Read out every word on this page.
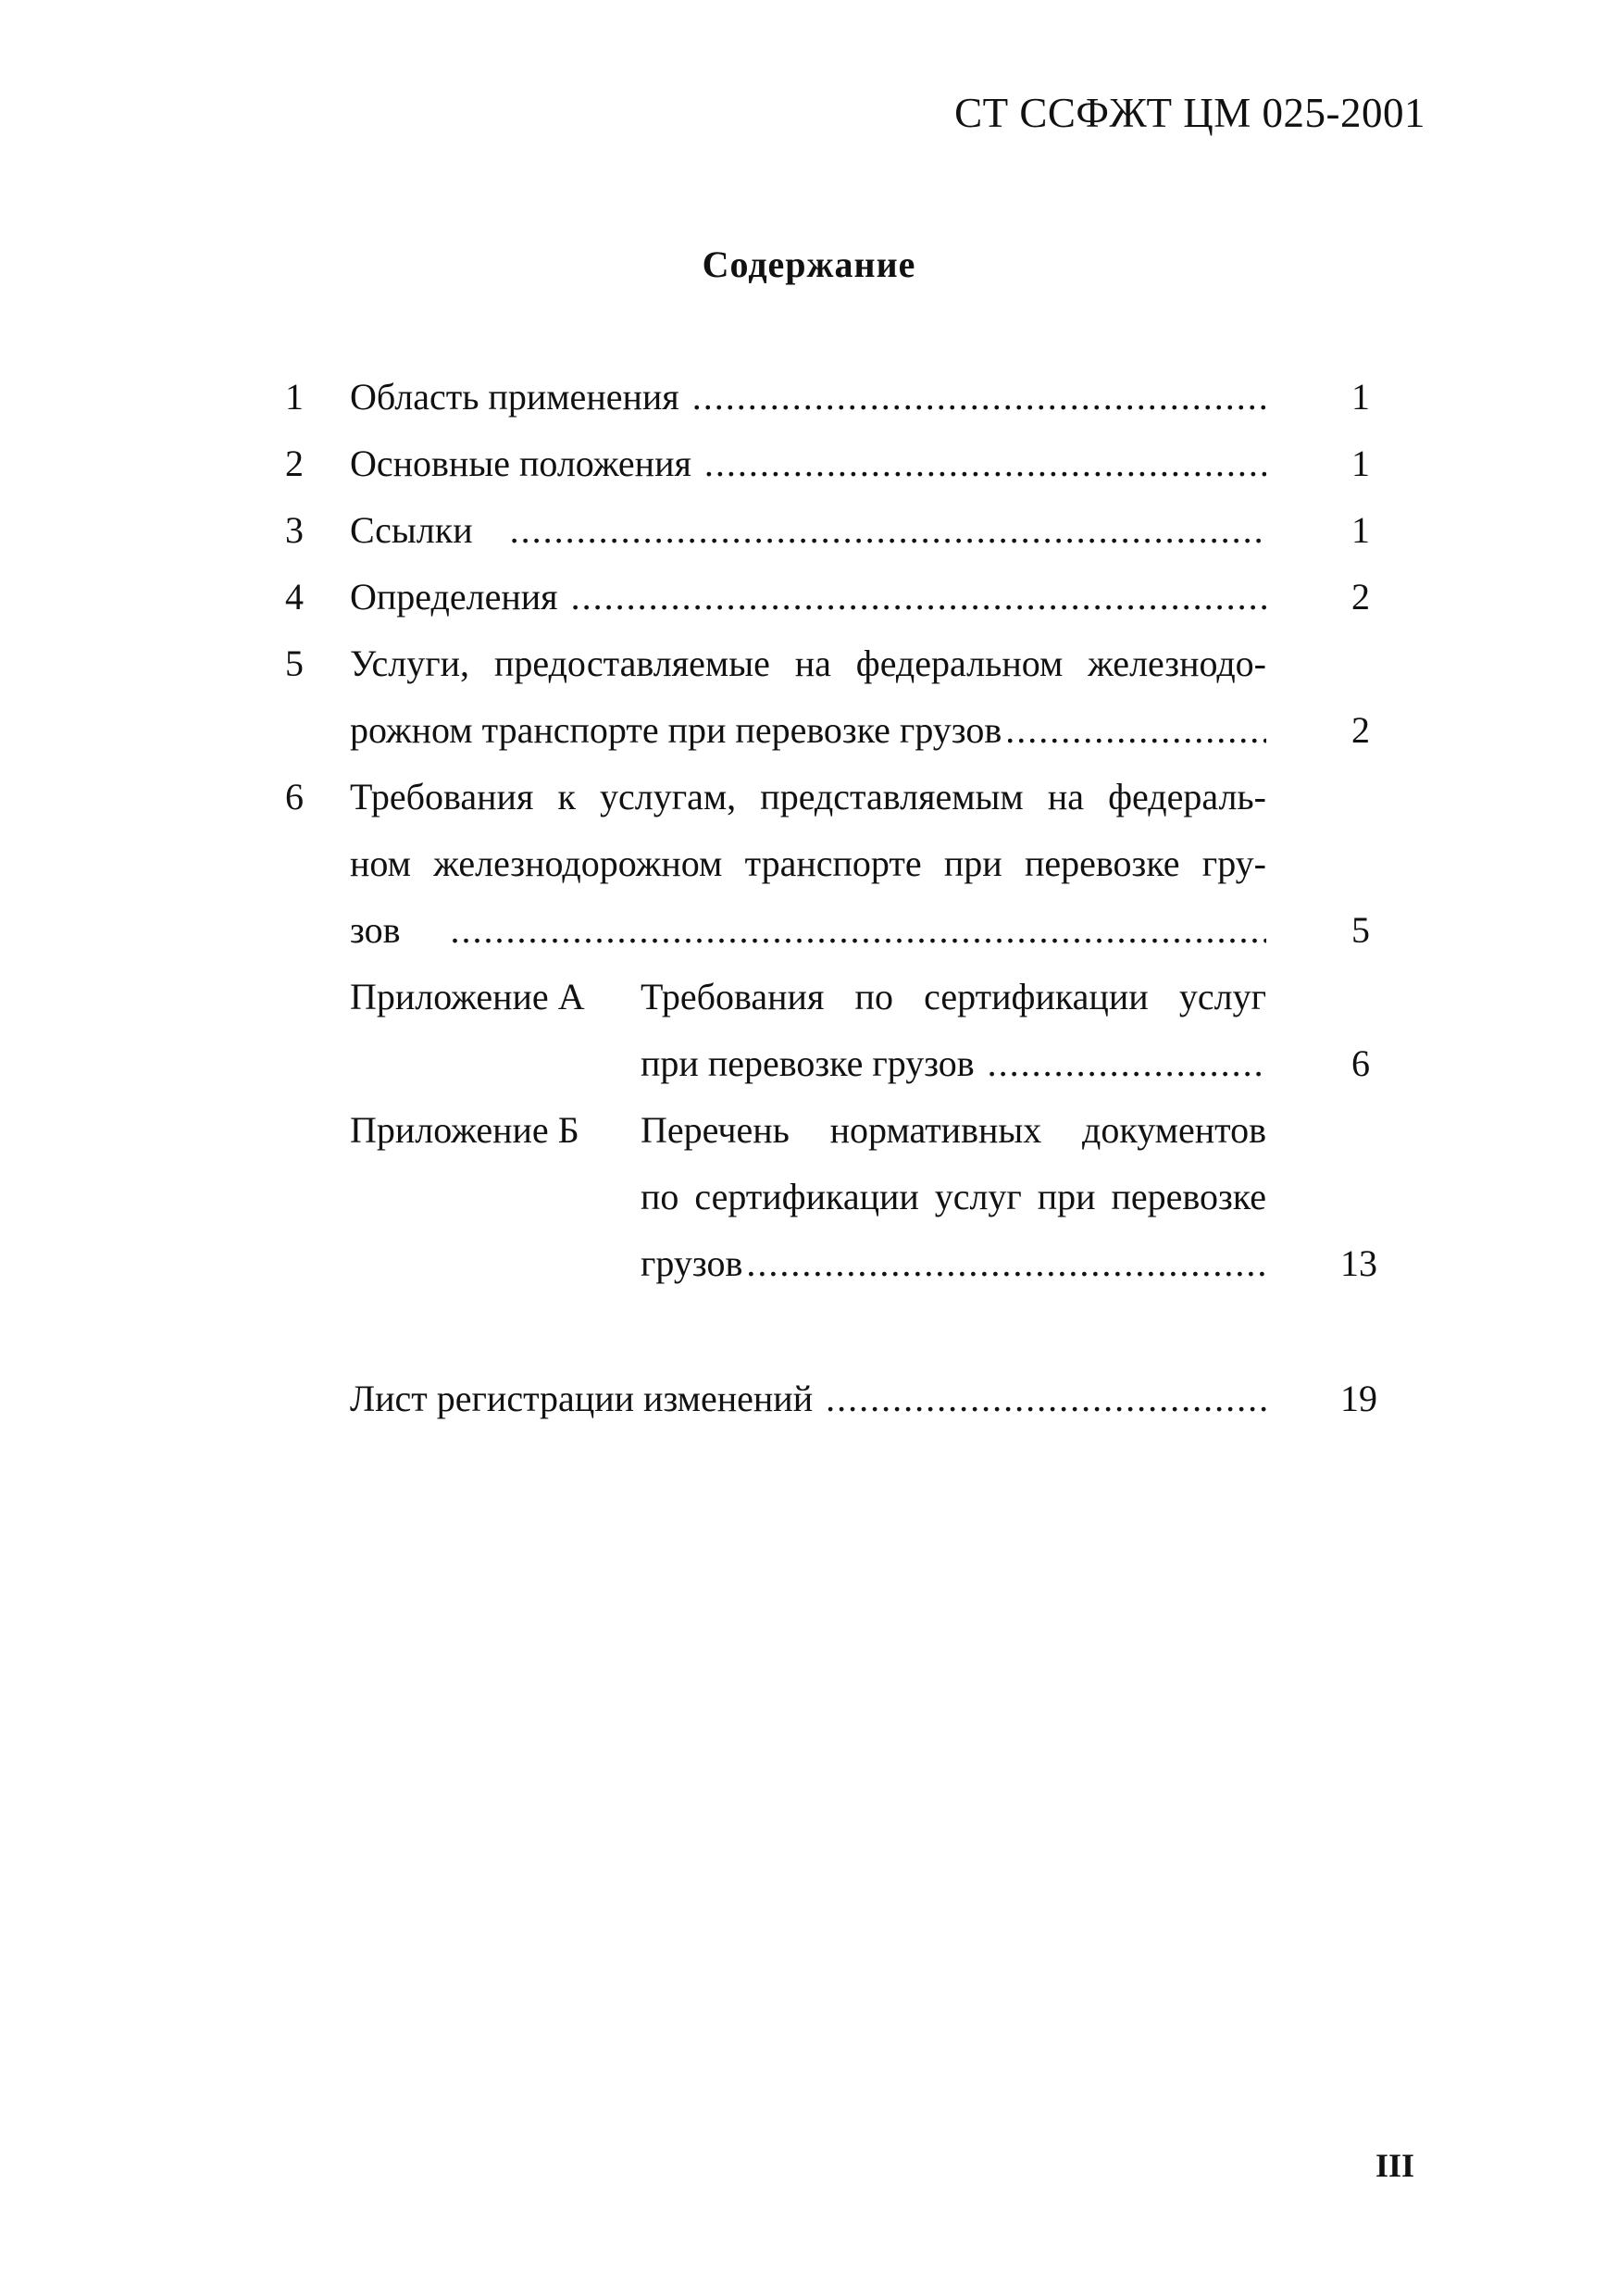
СТ ССФЖТ ЦМ 025-2001
Содержание
1	Область применения .....	1
2	Основные положения .....	1
3	Ссылки .....	1
4	Определения .....	2
5	Услуги, предоставляемые на федеральном железнодо-
рожном транспорте при перевозке грузов .....	2
6	Требования к услугам, представляемым на федераль-
ном железнодорожном транспорте при перевозке гру-
зов .....	5
Приложение А Требования по сертификации услуг
при перевозке грузов .....	6
Приложение Б Перечень нормативных документов
по сертификации услуг при перевозке
грузов .....	13
Лист регистрации изменений .....	19
III
